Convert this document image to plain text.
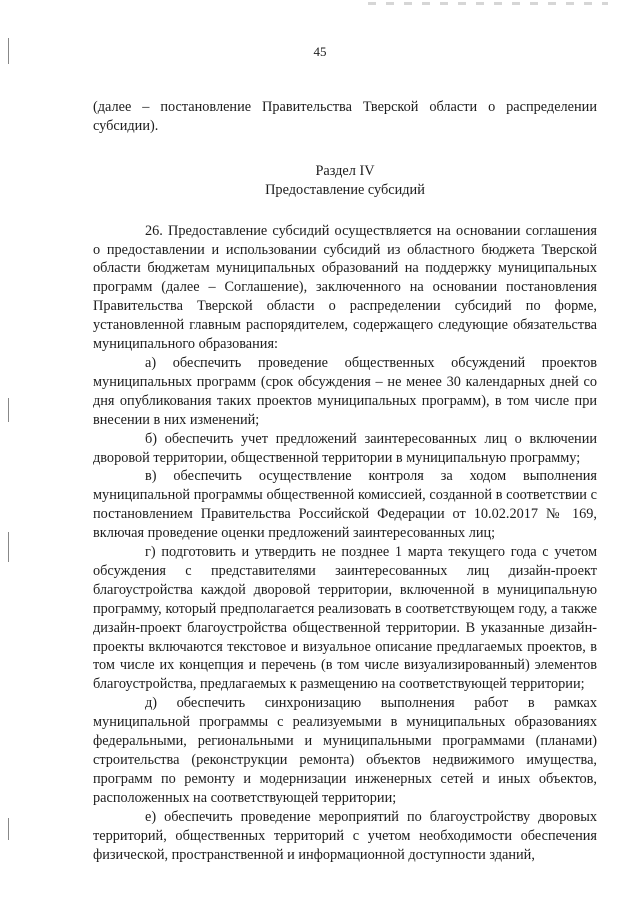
45

(далее – постановление Правительства Тверской области о распределении субсидии).

Раздел IV

Предоставление субсидий

26. Предоставление субсидий осуществляется на основании соглашения о предоставлении и использовании субсидий из областного бюджета Тверской области бюджетам муниципальных образований на поддержку муниципальных программ (далее – Соглашение), заключенного на основании постановления Правительства Тверской области о распределении субсидий по форме, установленной главным распорядителем, содержащего следующие обязательства муниципального образования:

а) обеспечить проведение общественных обсуждений проектов муниципальных программ (срок обсуждения – не менее 30 календарных дней со дня опубликования таких проектов муниципальных программ), в том числе при внесении в них изменений;

б) обеспечить учет предложений заинтересованных лиц о включении дворовой территории, общественной территории в муниципальную программу;

в) обеспечить осуществление контроля за ходом выполнения муниципальной программы общественной комиссией, созданной в соответствии с постановлением Правительства Российской Федерации от 10.02.2017 № 169, включая проведение оценки предложений заинтересованных лиц;

г) подготовить и утвердить не позднее 1 марта текущего года с учетом обсуждения с представителями заинтересованных лиц дизайн-проект благоустройства каждой дворовой территории, включенной в муниципальную программу, который предполагается реализовать в соответствующем году, а также дизайн-проект благоустройства общественной территории. В указанные дизайн-проекты включаются текстовое и визуальное описание предлагаемых проектов, в том числе их концепция и перечень (в том числе визуализированный) элементов благоустройства, предлагаемых к размещению на соответствующей территории;

д) обеспечить синхронизацию выполнения работ в рамках муниципальной программы с реализуемыми в муниципальных образованиях федеральными, региональными и муниципальными программами (планами) строительства (реконструкции ремонта) объектов недвижимого имущества, программ по ремонту и модернизации инженерных сетей и иных объектов, расположенных на соответствующей территории;

е) обеспечить проведение мероприятий по благоустройству дворовых территорий, общественных территорий с учетом необходимости обеспечения физической, пространственной и информационной доступности зданий,
